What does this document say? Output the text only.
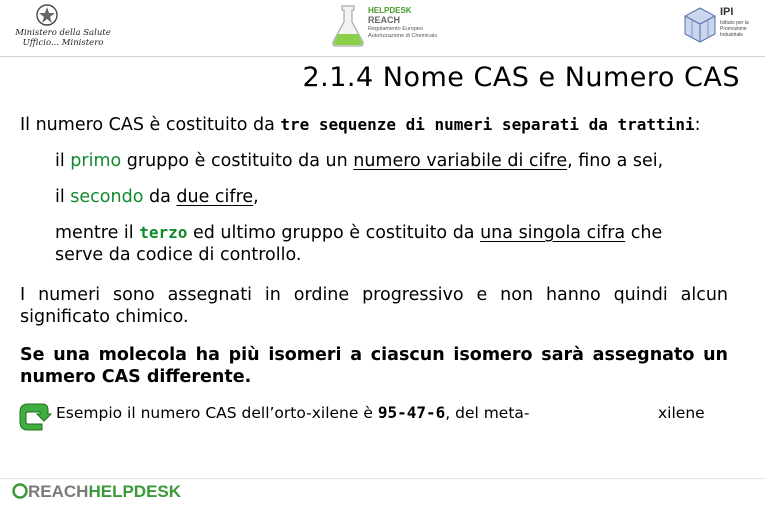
Ministero della Salute Ufficio... Ministero
HELPDESK
REACH
Regolamento Europeo
Autorizzazione di Chemicals
IPI
Istituto per la Promozione Industriale
2.1.4 Nome CAS e Numero CAS
Il numero CAS è costituito da tre sequenze di numeri separati da trattini:
il primo gruppo è costituito da un numero variabile di cifre, fino a sei,
il secondo da due cifre,
mentre il terzo ed ultimo gruppo è costituito da una singola cifra che
serve da codice di controllo.
I numeri sono assegnati in ordine progressivo e non hanno quindi alcun
significato chimico.
Se una molecola ha più isomeri a ciascun isomero sarà assegnato un
numero CAS differente.
Esempio il numero CAS dell’orto-xilene è 95-47-6, del meta-	xilene
REACHHELPDESK
